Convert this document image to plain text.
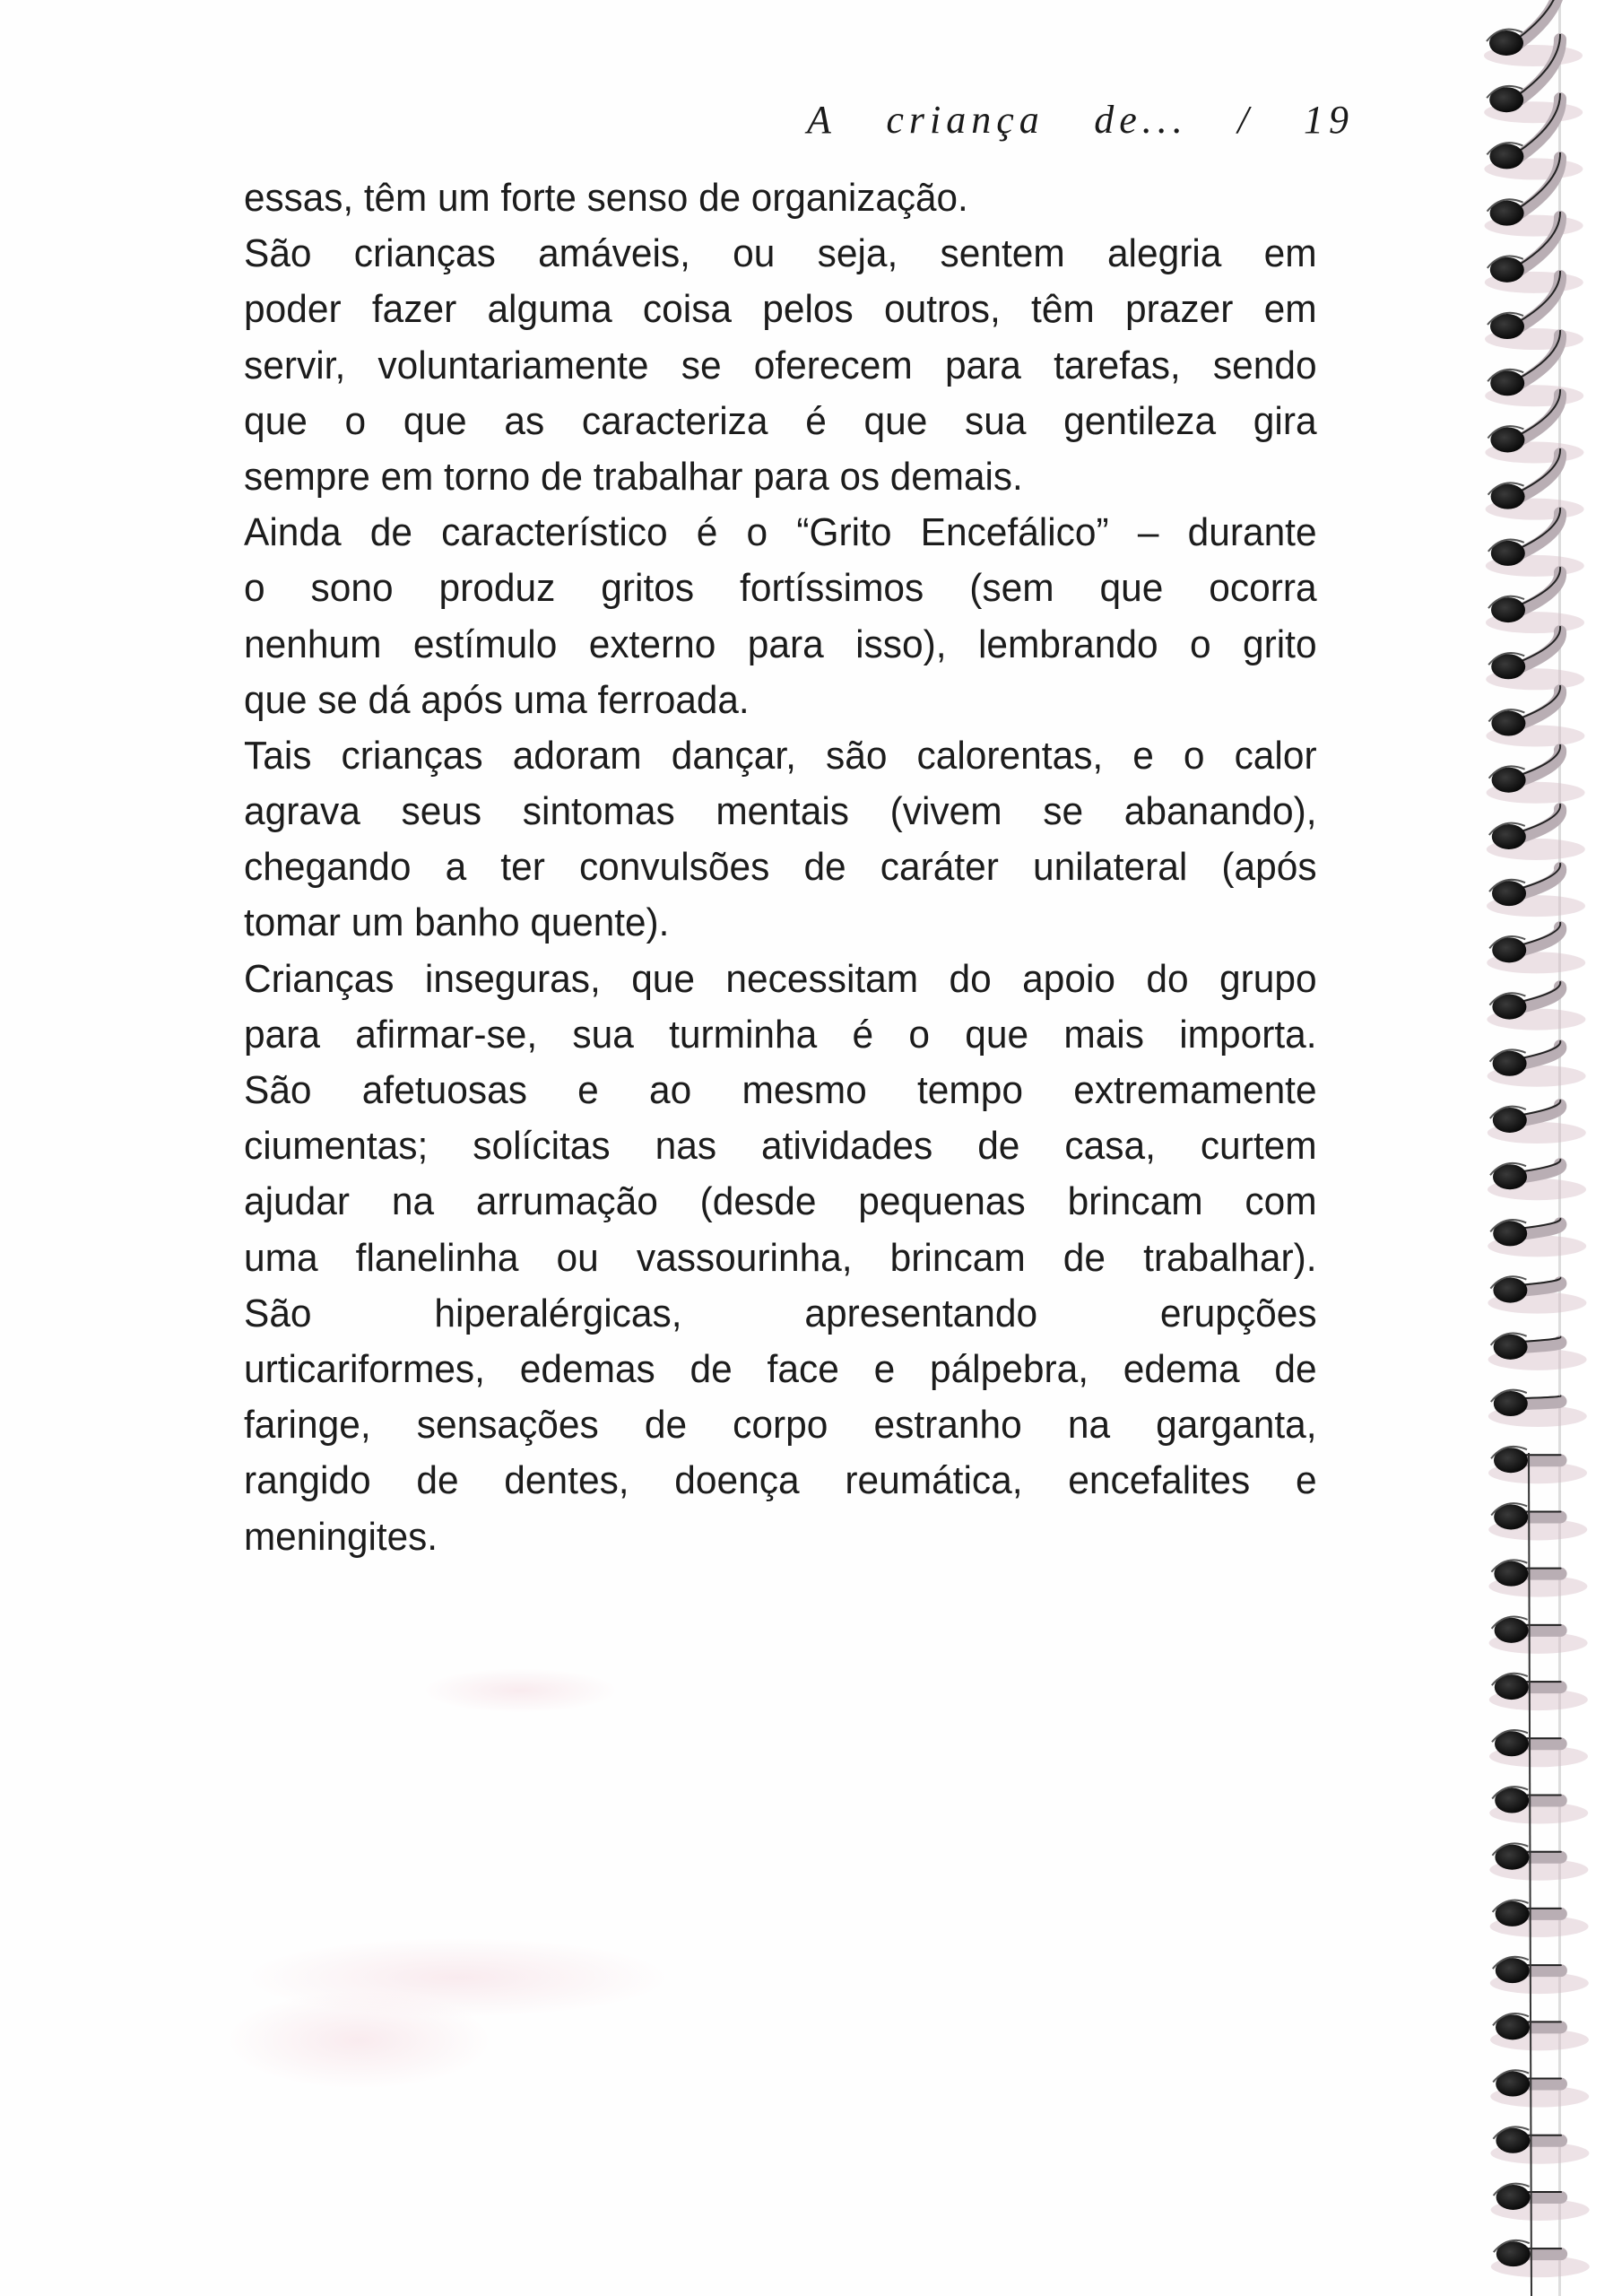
A criança de... / 19
essas, têm um forte senso de organização.
São crianças amáveis, ou seja, sentem alegria em
poder fazer alguma coisa pelos outros, têm prazer em
servir, voluntariamente se oferecem para tarefas, sendo
que o que as caracteriza é que sua gentileza gira
sempre em torno de trabalhar para os demais.
Ainda de característico é o “Grito Encefálico” – durante
o sono produz gritos fortíssimos (sem que ocorra
nenhum estímulo externo para isso), lembrando o grito
que se dá após uma ferroada.
Tais crianças adoram dançar, são calorentas, e o calor
agrava seus sintomas mentais (vivem se abanando),
chegando a ter convulsões de caráter unilateral (após
tomar um banho quente).
Crianças inseguras, que necessitam do apoio do grupo
para afirmar-se, sua turminha é o que mais importa.
São afetuosas e ao mesmo tempo extremamente
ciumentas; solícitas nas atividades de casa, curtem
ajudar na arrumação (desde pequenas brincam com
uma flanelinha ou vassourinha, brincam de trabalhar).
São hiperalérgicas, apresentando erupções
urticariformes, edemas de face e pálpebra, edema de
faringe, sensações de corpo estranho na garganta,
rangido de dentes, doença reumática, encefalites e
meningites.
